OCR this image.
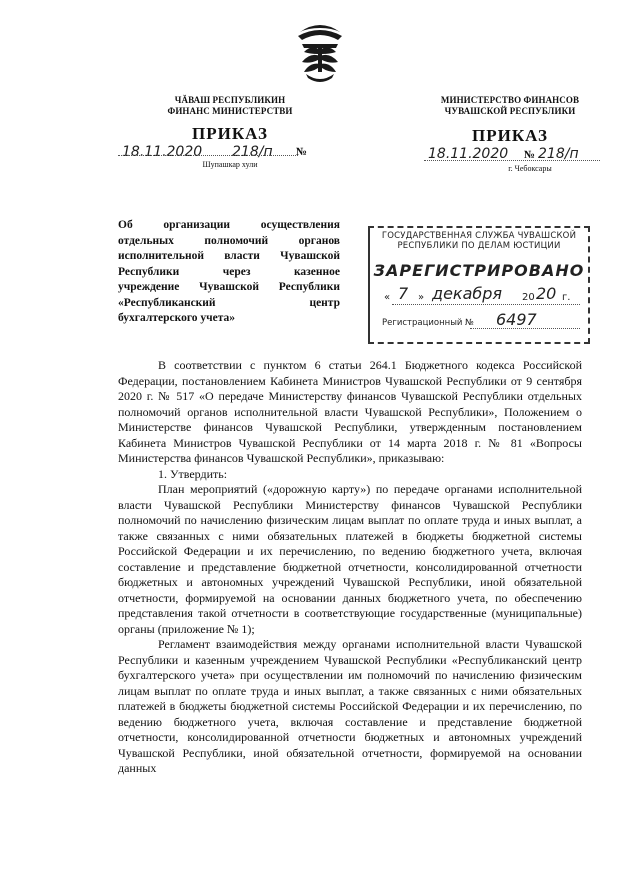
ЧĂВАШ РЕСПУБЛИКИН
ФИНАНС МИНИСТЕРСТВИ
ПРИКАЗ
18.11.2020 218/п №
Шупашкар хули
МИНИСТЕРСТВО ФИНАНСОВ
ЧУВАШСКОЙ РЕСПУБЛИКИ
ПРИКАЗ
18.11.2020 № 218/п
г. Чебоксары
Об организации осуществления
отдельных полномочий органов
исполнительной власти Чувашской
Республики через казенное
учреждение Чувашской Республики
«Республиканский центр
бухгалтерского учета»
ГОСУДАРСТВЕННАЯ СЛУЖБА ЧУВАШСКОЙ
РЕСПУБЛИКИ ПО ДЕЛАМ ЮСТИЦИИ
ЗАРЕГИСТРИРОВАНО
« 7 » декабря 20 20 г.
Регистрационный № 6497

В соответствии с пунктом 6 статьи 264.1 Бюджетного кодекса Российской Федерации, постановлением Кабинета Министров Чувашской Республики от 9 сентября 2020 г. № 517 «О передаче Министерству финансов Чувашской Республики отдельных полномочий органов исполнительной власти Чувашской Республики», Положением о Министерстве финансов Чувашской Республики, утвержденным постановлением Кабинета Министров Чувашской Республики от 14 марта 2018 г. № 81 «Вопросы Министерства финансов Чувашской Республики», приказываю:

1. Утвердить:

План мероприятий («дорожную карту») по передаче органами исполнительной власти Чувашской Республики Министерству финансов Чувашской Республики полномочий по начислению физическим лицам выплат по оплате труда и иных выплат, а также связанных с ними обязательных платежей в бюджеты бюджетной системы Российской Федерации и их перечислению, по ведению бюджетного учета, включая составление и представление бюджетной отчетности, консолидированной отчетности бюджетных и автономных учреждений Чувашской Республики, иной обязательной отчетности, формируемой на основании данных бюджетного учета, по обеспечению представления такой отчетности в соответствующие государственные (муниципальные) органы (приложение № 1);

Регламент взаимодействия между органами исполнительной власти Чувашской Республики и казенным учреждением Чувашской Республики «Республиканский центр бухгалтерского учета» при осуществлении им полномочий по начислению физическим лицам выплат по оплате труда и иных выплат, а также связанных с ними обязательных платежей в бюджеты бюджетной системы Российской Федерации и их перечислению, по ведению бюджетного учета, включая составление и представление бюджетной отчетности, консолидированной отчетности бюджетных и автономных учреждений Чувашской Республики, иной обязательной отчетности, формируемой на основании данных
